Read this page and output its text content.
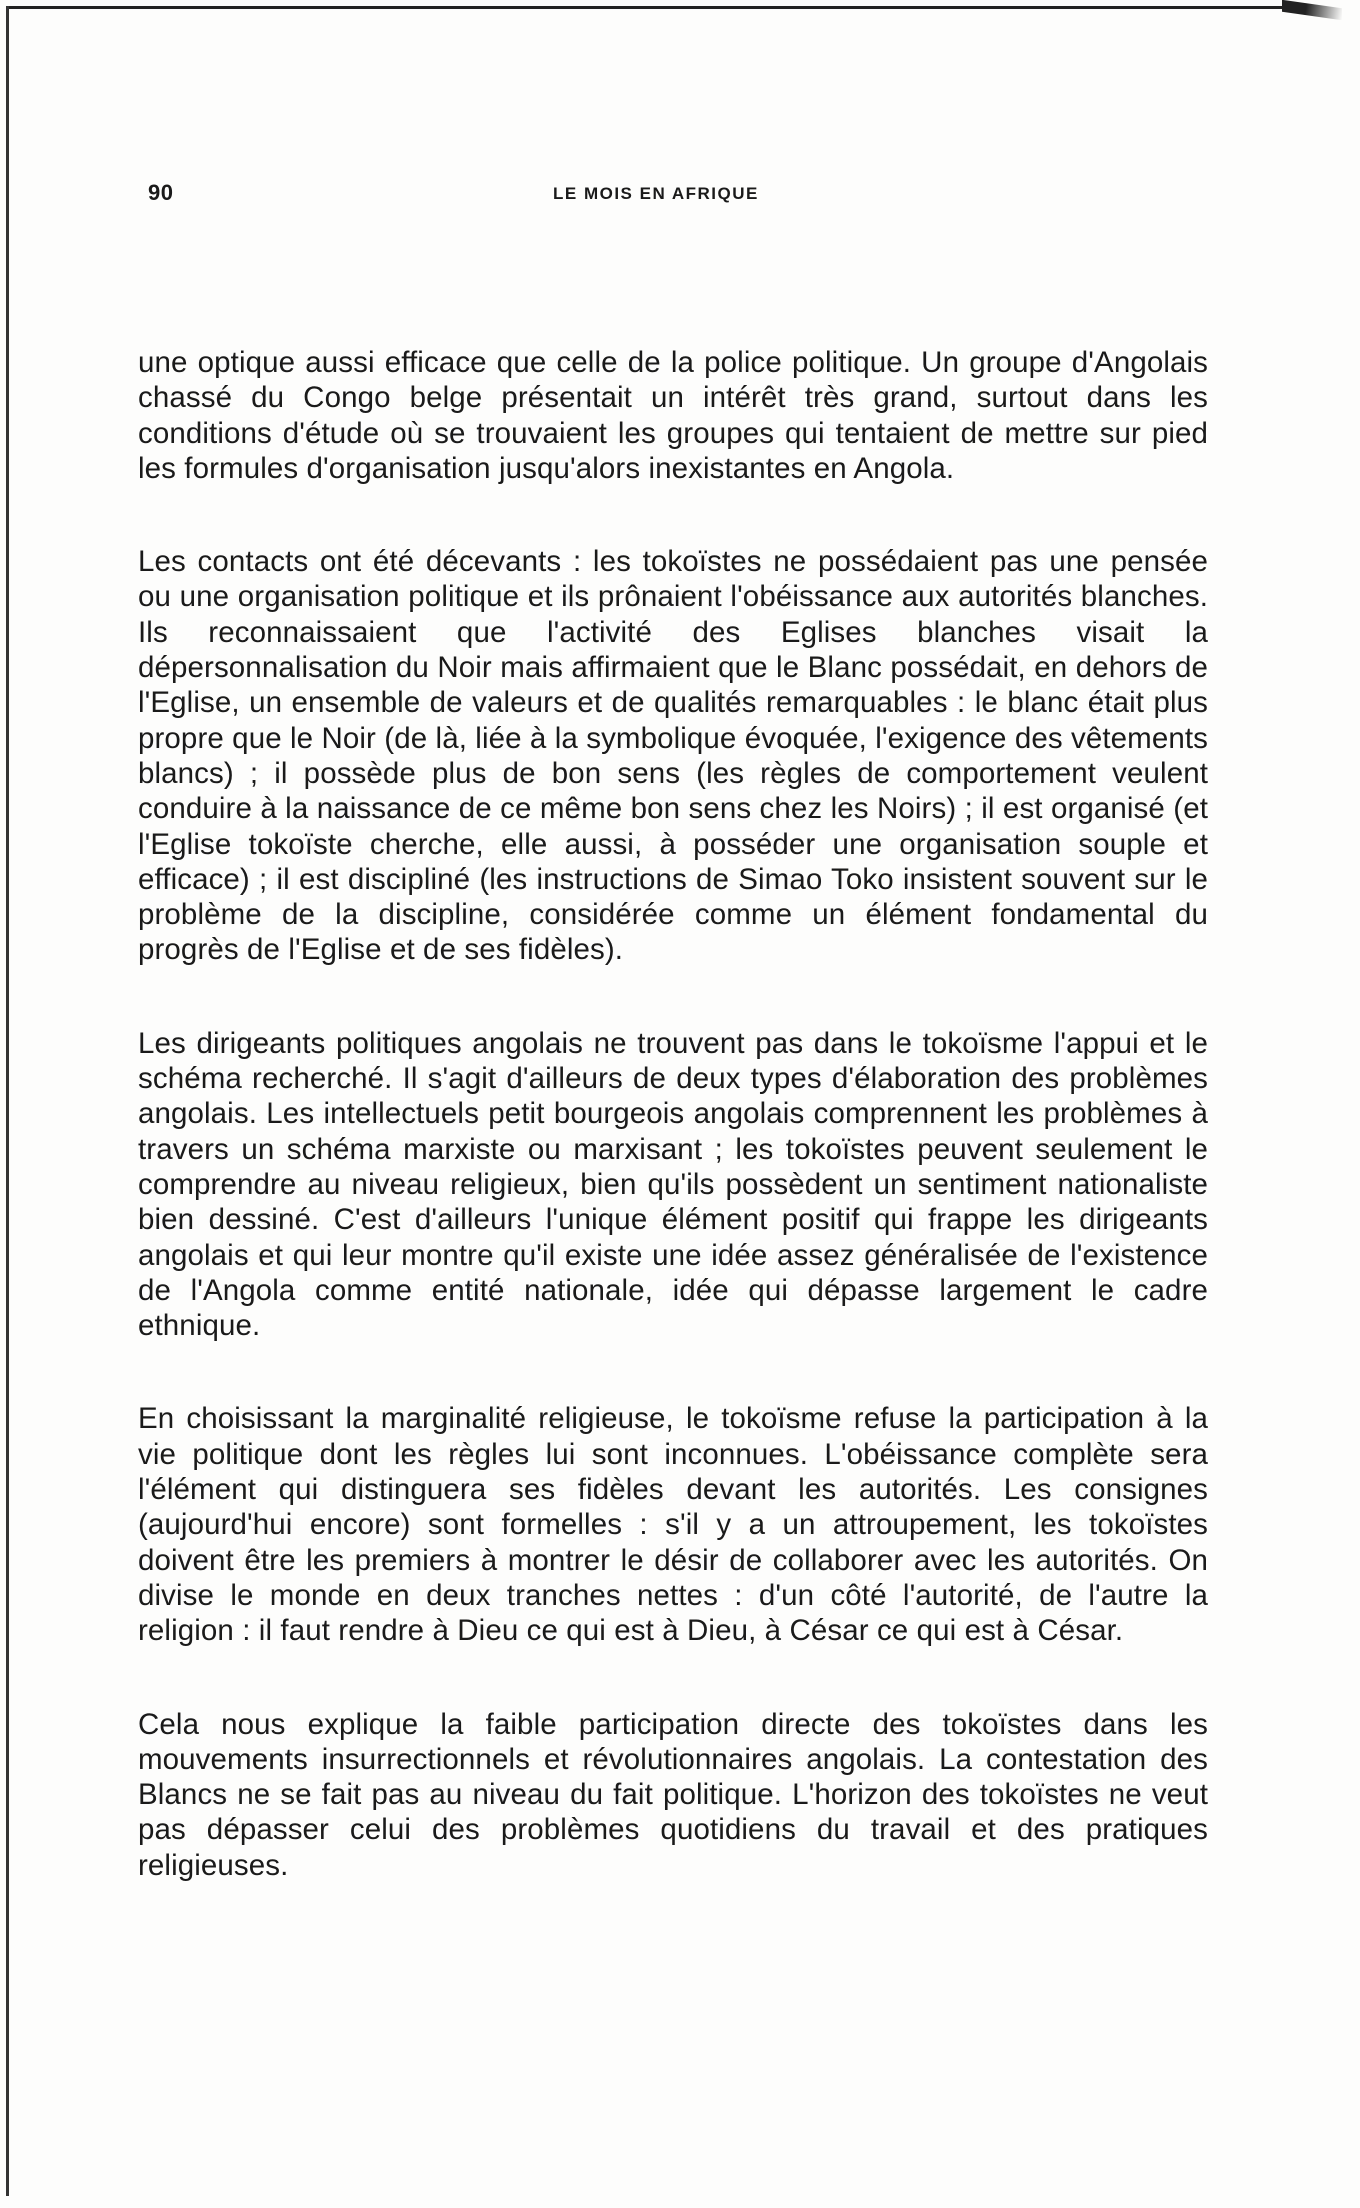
90	LE MOIS EN AFRIQUE

une optique aussi efficace que celle de la police politique. Un groupe d'Angolais chassé du Congo belge présentait un intérêt très grand, surtout dans les conditions d'étude où se trouvaient les groupes qui tentaient de mettre sur pied les formules d'organisation jusqu'alors inexistantes en Angola.

Les contacts ont été décevants : les tokoïstes ne possédaient pas une pensée ou une organisation politique et ils prônaient l'obéissance aux autorités blanches. Ils reconnaissaient que l'activité des Eglises blanches visait la dépersonnalisation du Noir mais affirmaient que le Blanc possédait, en dehors de l'Eglise, un ensemble de valeurs et de qualités remarquables : le blanc était plus propre que le Noir (de là, liée à la symbolique évoquée, l'exigence des vêtements blancs) ; il possède plus de bon sens (les règles de comportement veulent conduire à la naissance de ce même bon sens chez les Noirs) ; il est organisé (et l'Eglise tokoïste cherche, elle aussi, à posséder une organisation souple et efficace) ; il est discipliné (les instructions de Simao Toko insistent souvent sur le problème de la discipline, considérée comme un élément fondamental du progrès de l'Eglise et de ses fidèles).

Les dirigeants politiques angolais ne trouvent pas dans le tokoïsme l'appui et le schéma recherché. Il s'agit d'ailleurs de deux types d'élaboration des problèmes angolais. Les intellectuels petit bourgeois angolais comprennent les problèmes à travers un schéma marxiste ou marxisant ; les tokoïstes peuvent seulement le comprendre au niveau religieux, bien qu'ils possèdent un sentiment nationaliste bien dessiné. C'est d'ailleurs l'unique élément positif qui frappe les dirigeants angolais et qui leur montre qu'il existe une idée assez généralisée de l'existence de l'Angola comme entité nationale, idée qui dépasse largement le cadre ethnique.

En choisissant la marginalité religieuse, le tokoïsme refuse la participation à la vie politique dont les règles lui sont inconnues. L'obéissance complète sera l'élément qui distinguera ses fidèles devant les autorités. Les consignes (aujourd'hui encore) sont formelles : s'il y a un attroupement, les tokoïstes doivent être les premiers à montrer le désir de collaborer avec les autorités. On divise le monde en deux tranches nettes : d'un côté l'autorité, de l'autre la religion : il faut rendre à Dieu ce qui est à Dieu, à César ce qui est à César.

Cela nous explique la faible participation directe des tokoïstes dans les mouvements insurrectionnels et révolutionnaires angolais. La contestation des Blancs ne se fait pas au niveau du fait politique. L'horizon des tokoïstes ne veut pas dépasser celui des problèmes quotidiens du travail et des pratiques religieuses.
